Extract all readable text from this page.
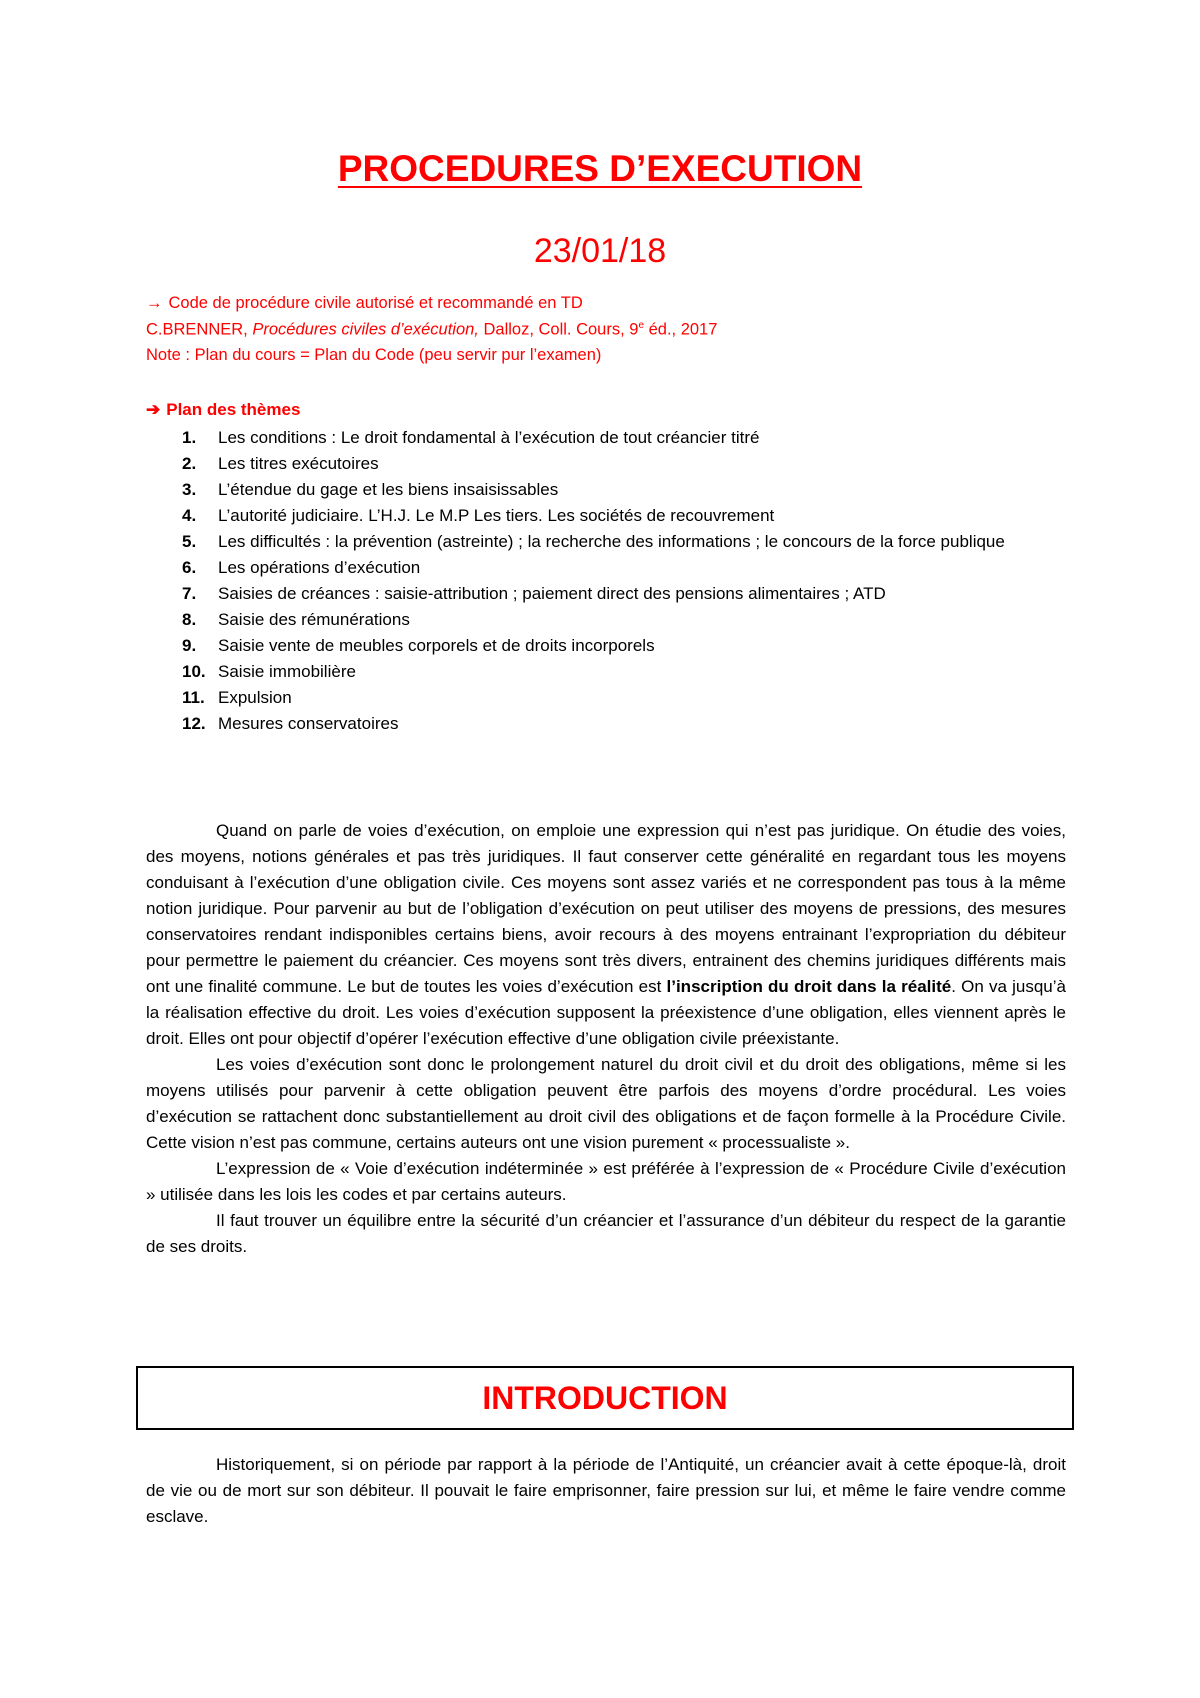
PROCEDURES D’EXECUTION
23/01/18
→ Code de procédure civile autorisé et recommandé en TD
C.BRENNER, Procédures civiles d’exécution, Dalloz, Coll. Cours, 9e éd., 2017
Note : Plan du cours = Plan du Code (peu servir pur l’examen)
➔ Plan des thèmes
1. Les conditions : Le droit fondamental à l’exécution de tout créancier titré
2. Les titres exécutoires
3. L’étendue du gage et les biens insaisissables
4. L’autorité judiciaire. L’H.J. Le M.P Les tiers. Les sociétés de recouvrement
5. Les difficultés : la prévention (astreinte) ; la recherche des informations ; le concours de la force publique
6. Les opérations d’exécution
7. Saisies de créances : saisie-attribution ; paiement direct des pensions alimentaires ; ATD
8. Saisie des rémunérations
9. Saisie vente de meubles corporels et de droits incorporels
10. Saisie immobilière
11. Expulsion
12. Mesures conservatoires

Quand on parle de voies d’exécution, on emploie une expression qui n’est pas juridique. On étudie des voies, des moyens, notions générales et pas très juridiques. Il faut conserver cette généralité en regardant tous les moyens conduisant à l’exécution d’une obligation civile. Ces moyens sont assez variés et ne correspondent pas tous à la même notion juridique. Pour parvenir au but de l’obligation d’exécution on peut utiliser des moyens de pressions, des mesures conservatoires rendant indisponibles certains biens, avoir recours à des moyens entrainant l’expropriation du débiteur pour permettre le paiement du créancier. Ces moyens sont très divers, entrainent des chemins juridiques différents mais ont une finalité commune. Le but de toutes les voies d’exécution est l’inscription du droit dans la réalité. On va jusqu’à la réalisation effective du droit. Les voies d’exécution supposent la préexistence d’une obligation, elles viennent après le droit. Elles ont pour objectif d’opérer l’exécution effective d’une obligation civile préexistante.

Les voies d’exécution sont donc le prolongement naturel du droit civil et du droit des obligations, même si les moyens utilisés pour parvenir à cette obligation peuvent être parfois des moyens d’ordre procédural. Les voies d’exécution se rattachent donc substantiellement au droit civil des obligations et de façon formelle à la Procédure Civile. Cette vision n’est pas commune, certains auteurs ont une vision purement « processualiste ».

L’expression de « Voie d’exécution indéterminée » est préférée à l’expression de « Procédure Civile d’exécution » utilisée dans les lois les codes et par certains auteurs.

Il faut trouver un équilibre entre la sécurité d’un créancier et l’assurance d’un débiteur du respect de la garantie de ses droits.

INTRODUCTION

Historiquement, si on période par rapport à la période de l’Antiquité, un créancier avait à cette époque-là, droit de vie ou de mort sur son débiteur. Il pouvait le faire emprisonner, faire pression sur lui, et même le faire vendre comme esclave.
